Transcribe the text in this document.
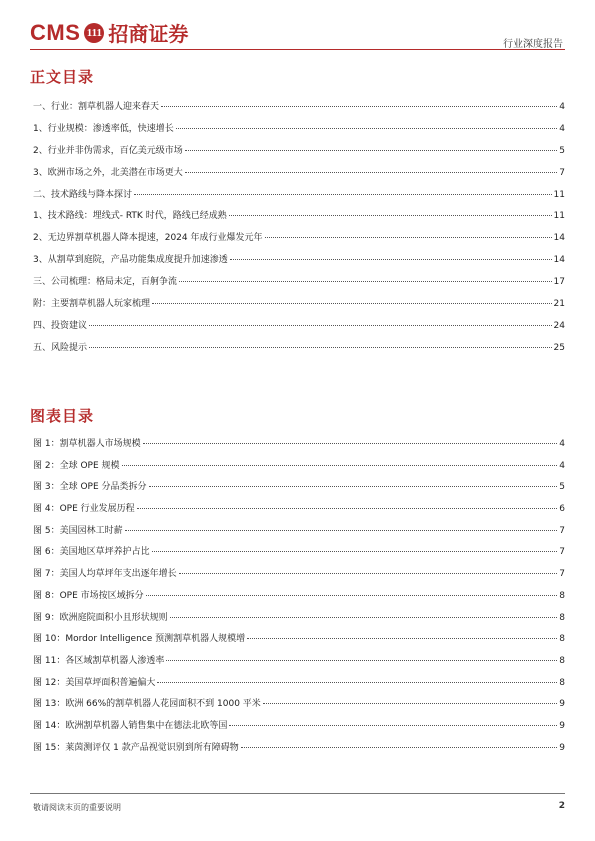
CMS 111 招商证券	行业深度报告
正文目录
一、行业：割草机器人迎来春天	4
1、行业规模：渗透率低，快速增长	4
2、行业并非伪需求，百亿美元级市场	5
3、欧洲市场之外，北美潜在市场更大	7
二、技术路线与降本探讨	11
1、技术路线：埋线式- RTK 时代，路线已经成熟	11
2、无边界割草机器人降本提速，2024 年成行业爆发元年	14
3、从割草到庭院，产品功能集成度提升加速渗透	14
三、公司梳理：格局未定，百舸争流	17
附：主要割草机器人玩家梳理	21
四、投资建议	24
五、风险提示	25
图表目录
图 1：割草机器人市场规模	4
图 2：全球 OPE 规模	4
图 3：全球 OPE 分品类拆分	5
图 4：OPE 行业发展历程	6
图 5：美国园林工时薪	7
图 6：美国地区草坪养护占比	7
图 7：美国人均草坪年支出逐年增长	7
图 8：OPE 市场按区域拆分	8
图 9：欧洲庭院面积小且形状规则	8
图 10：Mordor Intelligence 预测割草机器人规模增	8
图 11：各区域割草机器人渗透率	8
图 12：美国草坪面积普遍偏大	8
图 13：欧洲 66%的割草机器人花园面积不到 1000 平米	9
图 14：欧洲割草机器人销售集中在德法北欧等国	9
图 15：莱茵测评仅 1 款产品视觉识别到所有障碍物	9
敬请阅读末页的重要说明	2
